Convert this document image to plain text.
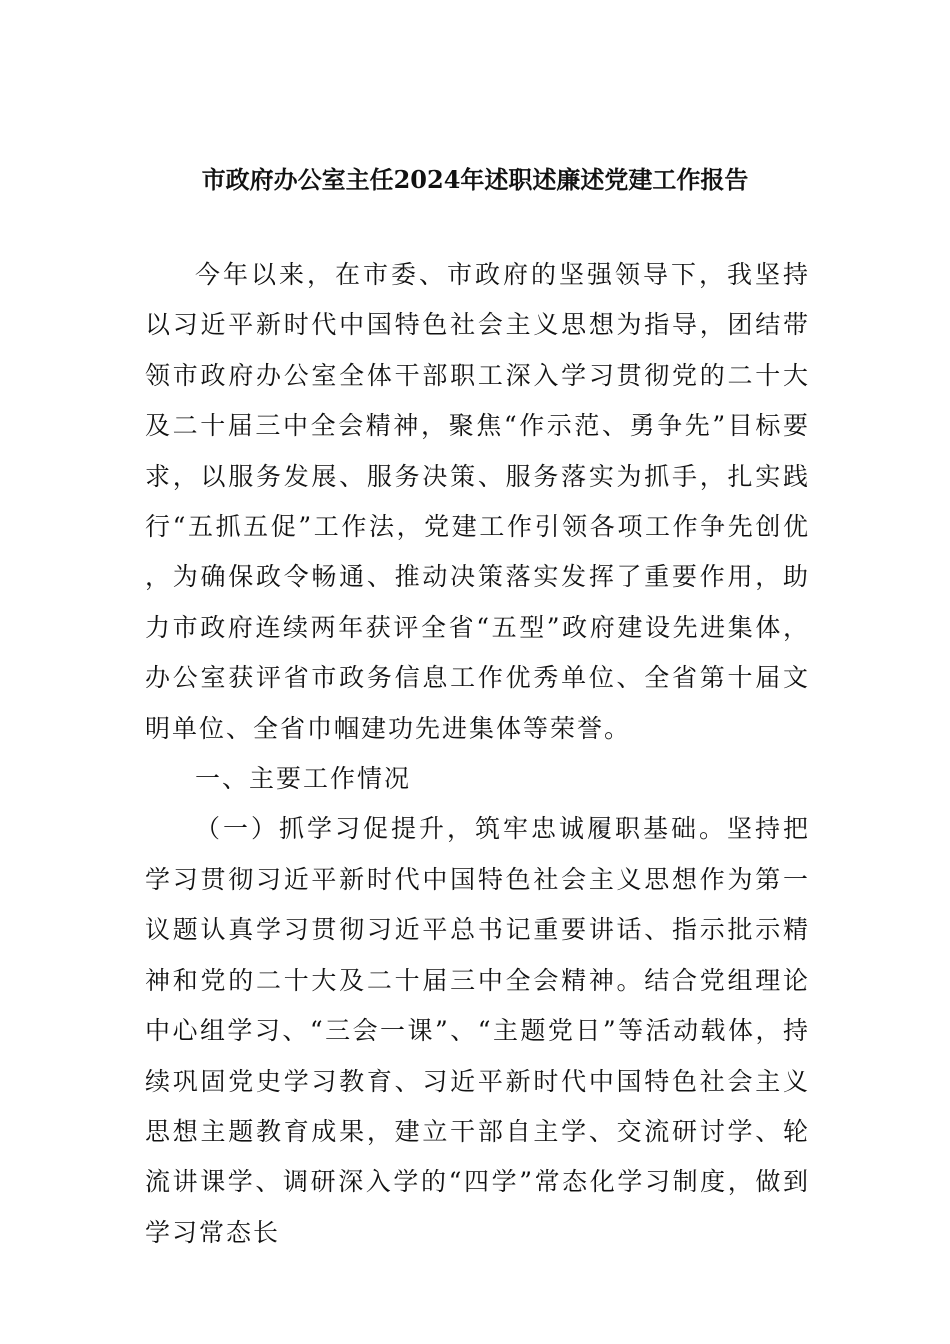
市政府办公室主任2024年述职述廉述党建工作报告

今年以来，在市委、市政府的坚强领导下，我坚持以习近平新时代中国特色社会主义思想为指导，团结带领市政府办公室全体干部职工深入学习贯彻党的二十大及二十届三中全会精神，聚焦“作示范、勇争先”目标要求，以服务发展、服务决策、服务落实为抓手，扎实践行“五抓五促”工作法，党建工作引领各项工作争先创优，为确保政令畅通、推动决策落实发挥了重要作用，助力市政府连续两年获评全省“五型”政府建设先进集体，办公室获评省市政务信息工作优秀单位、全省第十届文明单位、全省巾帼建功先进集体等荣誉。

一、主要工作情况

（一）抓学习促提升，筑牢忠诚履职基础。坚持把学习贯彻习近平新时代中国特色社会主义思想作为第一议题认真学习贯彻习近平总书记重要讲话、指示批示精神和党的二十大及二十届三中全会精神。结合党组理论中心组学习、“三会一课”、“主题党日”等活动载体，持续巩固党史学习教育、习近平新时代中国特色社会主义思想主题教育成果，建立干部自主学、交流研讨学、轮流讲课学、调研深入学的“四学”常态化学习制度，做到学习常态长
